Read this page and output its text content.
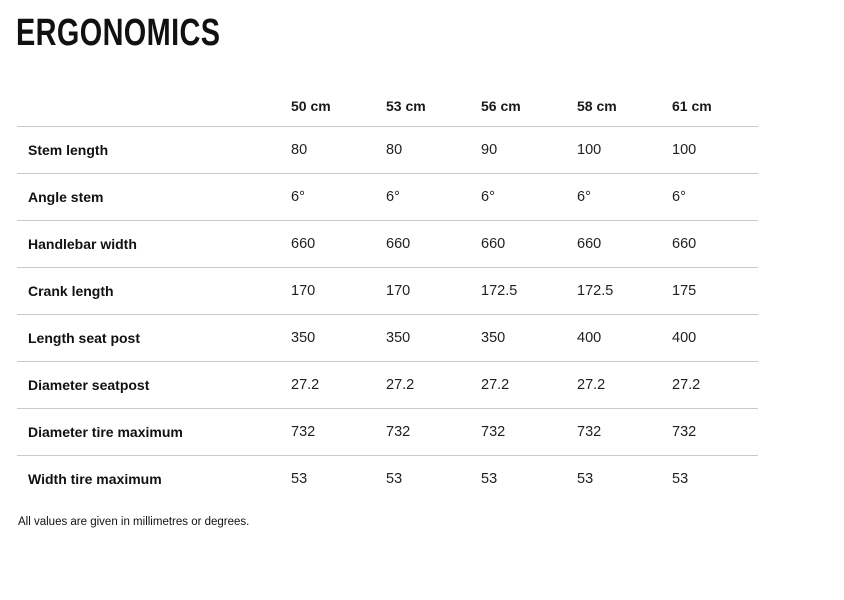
ERGONOMICS
	50 cm	53 cm	56 cm	58 cm	61 cm
Stem length	80	80	90	100	100
Angle stem	6°	6°	6°	6°	6°
Handlebar width	660	660	660	660	660
Crank length	170	170	172.5	172.5	175
Length seat post	350	350	350	400	400
Diameter seatpost	27.2	27.2	27.2	27.2	27.2
Diameter tire maximum	732	732	732	732	732
Width tire maximum	53	53	53	53	53
All values are given in millimetres or degrees.
